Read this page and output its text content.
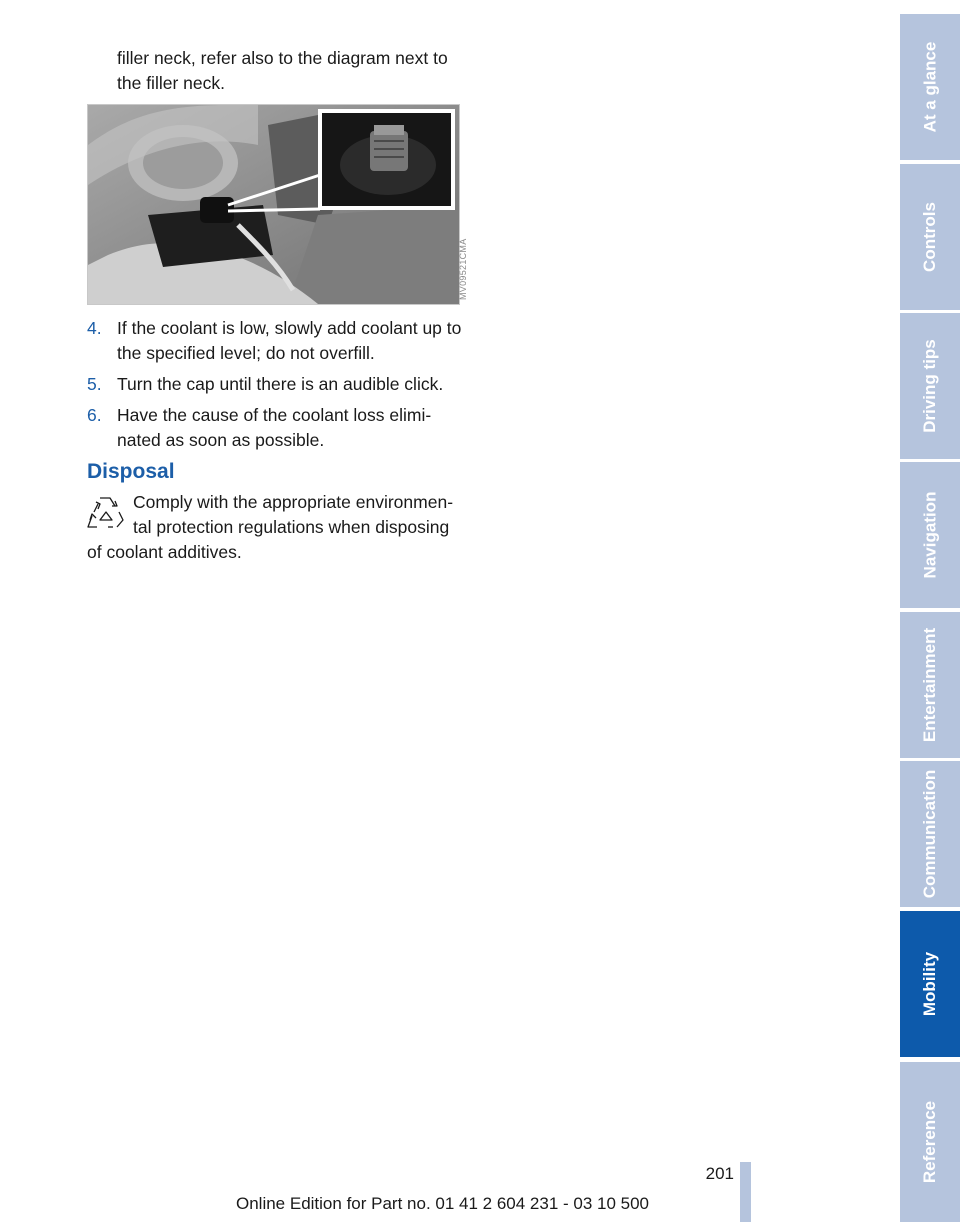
filler neck, refer also to the diagram next to the filler neck.
MV09521CMA
4. If the coolant is low, slowly add coolant up to the specified level; do not overfill.
5. Turn the cap until there is an audible click.
6. Have the cause of the coolant loss elimi-nated as soon as possible.
Disposal
Comply with the appropriate environmen-
tal protection regulations when disposing
of coolant additives.
At a glance
Controls
Driving tips
Navigation
Entertainment
Communication
Mobility
Reference
201
Online Edition for Part no. 01 41 2 604 231 - 03 10 500
